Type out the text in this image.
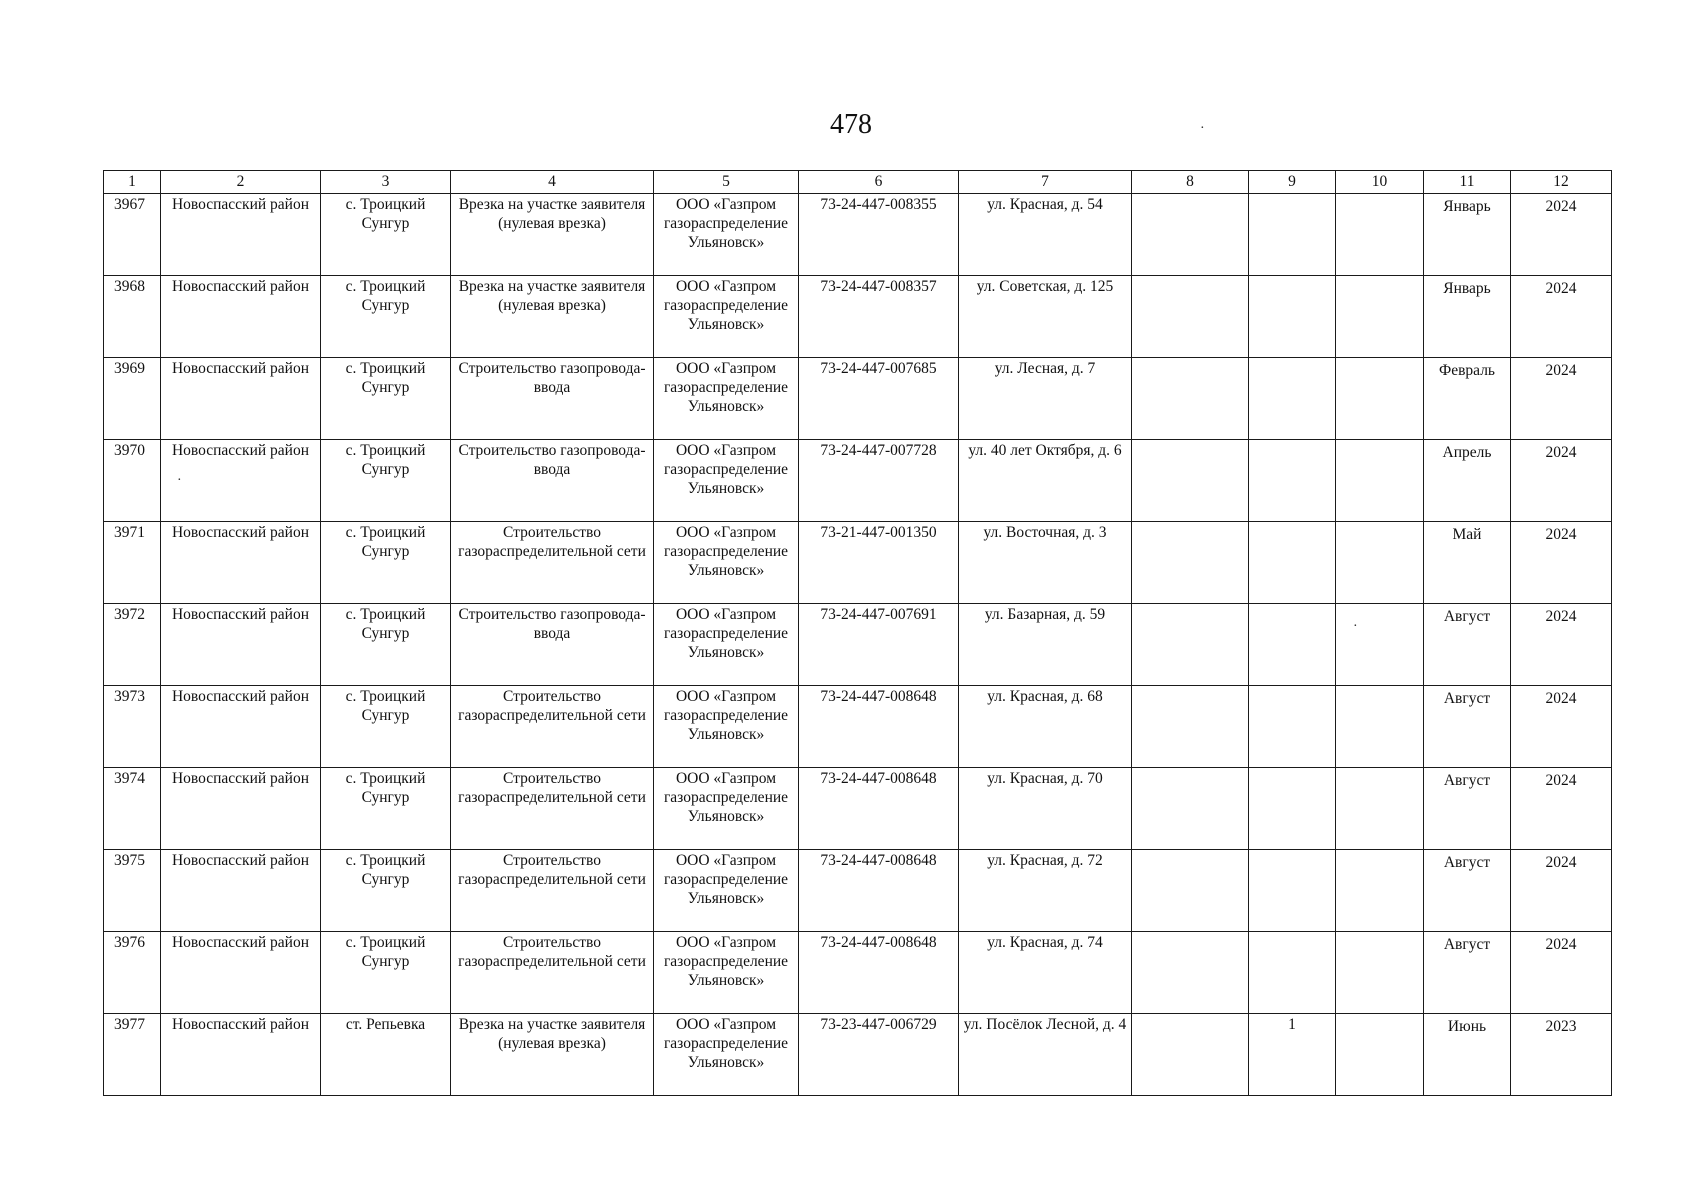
478	·
·
·
1	2	3	4	5	6	7	8	9	10	11	12
3967	Новоспасский район	с. Троицкий Сунгур	Врезка на участке заявителя (нулевая врезка)	ООО «Газпром газораспределение Ульяновск»	73-24-447-008355	ул. Красная, д. 54				Январь	2024
3968	Новоспасский район	с. Троицкий Сунгур	Врезка на участке заявителя (нулевая врезка)	ООО «Газпром газораспределение Ульяновск»	73-24-447-008357	ул. Советская, д. 125				Январь	2024
3969	Новоспасский район	с. Троицкий Сунгур	Строительство газопровода-ввода	ООО «Газпром газораспределение Ульяновск»	73-24-447-007685	ул. Лесная, д. 7				Февраль	2024
3970	Новоспасский район	с. Троицкий Сунгур	Строительство газопровода-ввода	ООО «Газпром газораспределение Ульяновск»	73-24-447-007728	ул. 40 лет Октября, д. 6				Апрель	2024
3971	Новоспасский район	с. Троицкий Сунгур	Строительство газораспределительной сети	ООО «Газпром газораспределение Ульяновск»	73-21-447-001350	ул. Восточная, д. 3				Май	2024
3972	Новоспасский район	с. Троицкий Сунгур	Строительство газопровода-ввода	ООО «Газпром газораспределение Ульяновск»	73-24-447-007691	ул. Базарная, д. 59				Август	2024
3973	Новоспасский район	с. Троицкий Сунгур	Строительство газораспределительной сети	ООО «Газпром газораспределение Ульяновск»	73-24-447-008648	ул. Красная, д. 68				Август	2024
3974	Новоспасский район	с. Троицкий Сунгур	Строительство газораспределительной сети	ООО «Газпром газораспределение Ульяновск»	73-24-447-008648	ул. Красная, д. 70				Август	2024
3975	Новоспасский район	с. Троицкий Сунгур	Строительство газораспределительной сети	ООО «Газпром газораспределение Ульяновск»	73-24-447-008648	ул. Красная, д. 72				Август	2024
3976	Новоспасский район	с. Троицкий Сунгур	Строительство газораспределительной сети	ООО «Газпром газораспределение Ульяновск»	73-24-447-008648	ул. Красная, д. 74				Август	2024
3977	Новоспасский район	ст. Репьевка	Врезка на участке заявителя (нулевая врезка)	ООО «Газпром газораспределение Ульяновск»	73-23-447-006729	ул. Посёлок Лесной, д. 4		1		Июнь	2023
